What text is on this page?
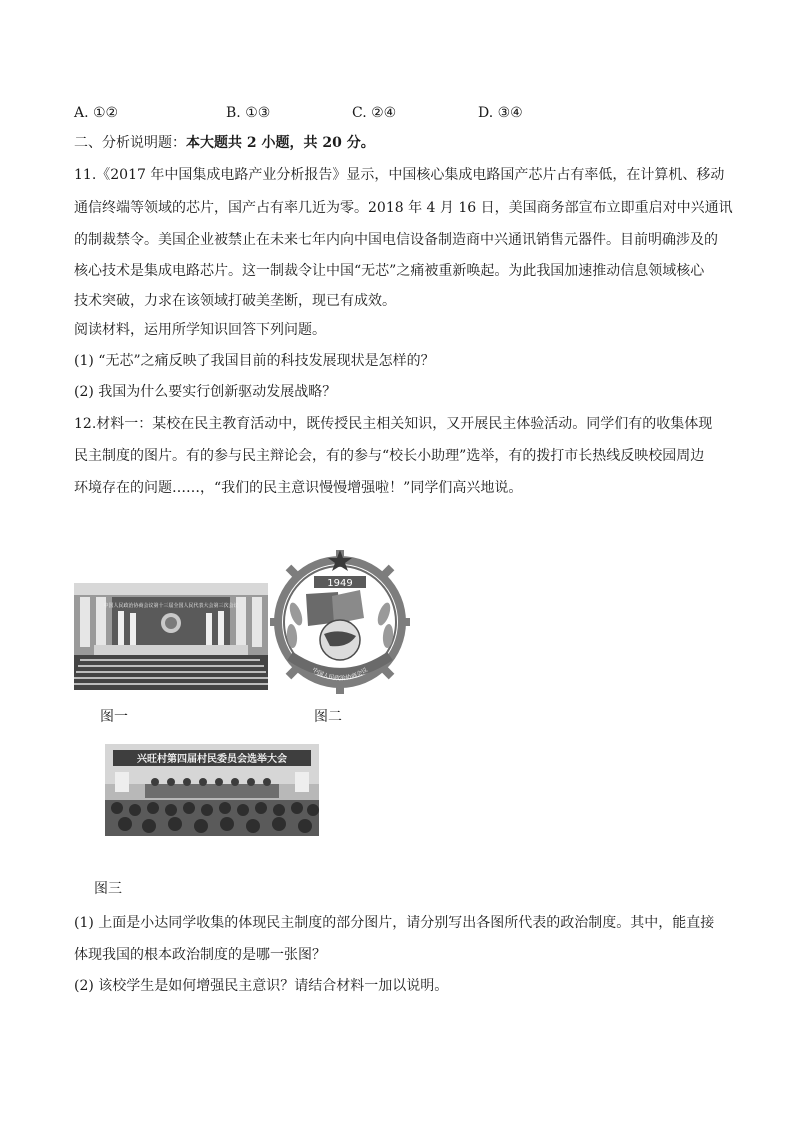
A. ①②	B. ①③	C. ②④	D. ③④
二、分析说明题：本大题共 2 小题，共 20 分。
11.《2017 年中国集成电路产业分析报告》显示，中国核心集成电路国产芯片占有率低，在计算机、移动
通信终端等领域的芯片，国产占有率几近为零。2018 年 4 月 16 日，美国商务部宣布立即重启对中兴通讯
的制裁禁令。美国企业被禁止在未来七年内向中国电信设备制造商中兴通讯销售元器件。目前明确涉及的
核心技术是集成电路芯片。这一制裁令让中国“无芯”之痛被重新唤起。为此我国加速推动信息领域核心
技术突破，力求在该领域打破美垄断，现已有成效。
阅读材料，运用所学知识回答下列问题。
(1) “无芯”之痛反映了我国目前的科技发展现状是怎样的？
(2) 我国为什么要实行创新驱动发展战略？
12.材料一：某校在民主教育活动中，既传授民主相关知识，又开展民主体验活动。同学们有的收集体现
民主制度的图片。有的参与民主辩论会，有的参与“校长小助理”选举，有的拨打市长热线反映校园周边
环境存在的问题……，“我们的民主意识慢慢增强啦！”同学们高兴地说。
中国人民政治协商会议第十三届全国人民代表大会第三次会议
1949
中国人民政治协商会议
图一	图二
兴旺村第四届村民委员会选举大会
图三
(1) 上面是小达同学收集的体现民主制度的部分图片，请分别写出各图所代表的政治制度。其中，能直接
体现我国的根本政治制度的是哪一张图？
(2) 该校学生是如何增强民主意识？请结合材料一加以说明。
